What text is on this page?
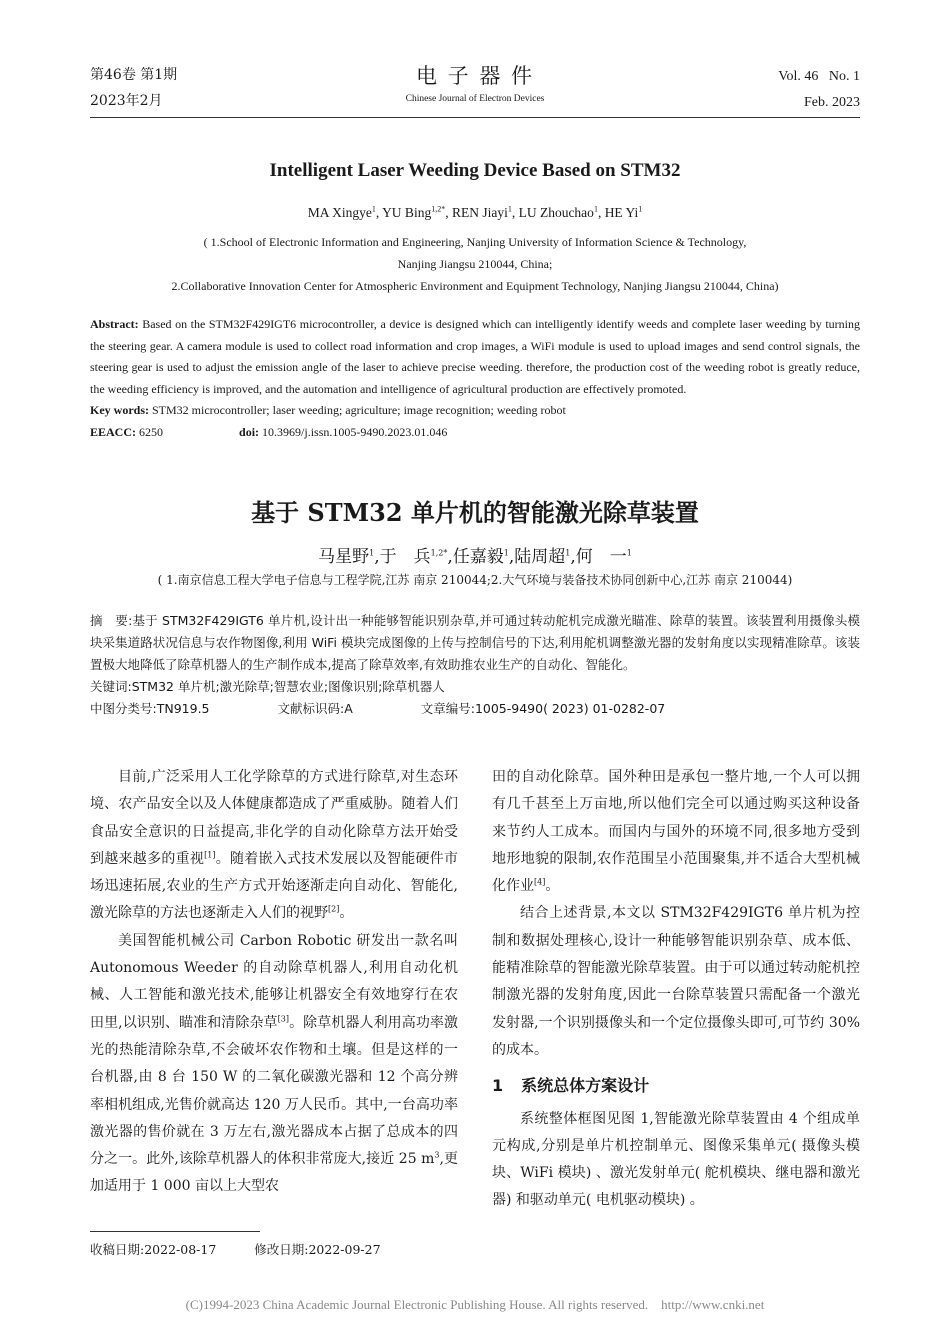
第46卷 第1期
2023年2月
电 子 器 件
Chinese Journal of Electron Devices
Vol. 46   No. 1
Feb. 2023
Intelligent Laser Weeding Device Based on STM32
MA Xingye$^1$, YU Bing$^{1,2*}$, REN Jiayi$^1$, LU Zhouchao$^1$, HE Yi$^1$
( 1.School of Electronic Information and Engineering, Nanjing University of Information Science & Technology,
Nanjing Jiangsu 210044, China;
2.Collaborative Innovation Center for Atmospheric Environment and Equipment Technology, Nanjing Jiangsu 210044, China)
Abstract: Based on the STM32F429IGT6 microcontroller, a device is designed which can intelligently identify weeds and complete laser weeding by turning the steering gear. A camera module is used to collect road information and crop images, a WiFi module is used to upload images and send control signals, the steering gear is used to adjust the emission angle of the laser to achieve precise weeding. therefore, the production cost of the weeding robot is greatly reduce, the weeding efficiency is improved, and the automation and intelligence of agricultural production are effectively promoted.
Key words: STM32 microcontroller; laser weeding; agriculture; image recognition; weeding robot
EEACC: 6250	doi: 10.3969/j.issn.1005-9490.2023.01.046
基于 STM32 单片机的智能激光除草装置
马星野$^1$,于　兵$^{1,2*}$,任嘉毅$^1$,陆周超$^1$,何　一$^1$
( 1.南京信息工程大学电子信息与工程学院,江苏 南京 210044;2.大气环境与装备技术协同创新中心,江苏 南京 210044)
摘　要:基于 STM32F429IGT6 单片机,设计出一种能够智能识别杂草,并可通过转动舵机完成激光瞄准、除草的装置。该装置利用摄像头模块采集道路状况信息与农作物图像,利用 WiFi 模块完成图像的上传与控制信号的下达,利用舵机调整激光器的发射角度以实现精准除草。该装置极大地降低了除草机器人的生产制作成本,提高了除草效率,有效助推农业生产的自动化、智能化。
关键词:STM32 单片机;激光除草;智慧农业;图像识别;除草机器人
中图分类号:TN919.5	文献标识码:A	文章编号:1005-9490( 2023) 01-0282-07

目前,广泛采用人工化学除草的方式进行除草,对生态环境、农产品安全以及人体健康都造成了严重威胁。随着人们食品安全意识的日益提高,非化学的自动化除草方法开始受到越来越多的重视[1]。随着嵌入式技术发展以及智能硬件市场迅速拓展,农业的生产方式开始逐渐走向自动化、智能化,激光除草的方法也逐渐走入人们的视野[2]。

美国智能机械公司 Carbon Robotic 研发出一款名叫 Autonomous Weeder 的自动除草机器人,利用自动化机械、人工智能和激光技术,能够让机器安全有效地穿行在农田里,以识别、瞄准和清除杂草[3]。除草机器人利用高功率激光的热能清除杂草,不会破坏农作物和土壤。但是这样的一台机器,由 8 台 150 W 的二氧化碳激光器和 12 个高分辨率相机组成,光售价就高达 120 万人民币。其中,一台高功率激光器的售价就在 3 万左右,激光器成本占据了总成本的四分之一。此外,该除草机器人的体积非常庞大,接近 25 $m^3$,更加适用于 1 000 亩以上大型农

田的自动化除草。国外种田是承包一整片地,一个人可以拥有几千甚至上万亩地,所以他们完全可以通过购买这种设备来节约人工成本。而国内与国外的环境不同,很多地方受到地形地貌的限制,农作范围呈小范围聚集,并不适合大型机械化作业[4]。

结合上述背景,本文以 STM32F429IGT6 单片机为控制和数据处理核心,设计一种能够智能识别杂草、成本低、能精准除草的智能激光除草装置。由于可以通过转动舵机控制激光器的发射角度,因此一台除草装置只需配备一个激光发射器,一个识别摄像头和一个定位摄像头即可,可节约 30%的成本。

1 系统总体方案设计

系统整体框图见图 1,智能激光除草装置由 4 个组成单元构成,分别是单片机控制单元、图像采集单元( 摄像头模块、WiFi 模块) 、激光发射单元( 舵机模块、继电器和激光器) 和驱动单元( 电机驱动模块) 。

收稿日期:2022-08-17	修改日期:2022-09-27
(C)1994-2023 China Academic Journal Electronic Publishing House. All rights reserved.    http://www.cnki.net
